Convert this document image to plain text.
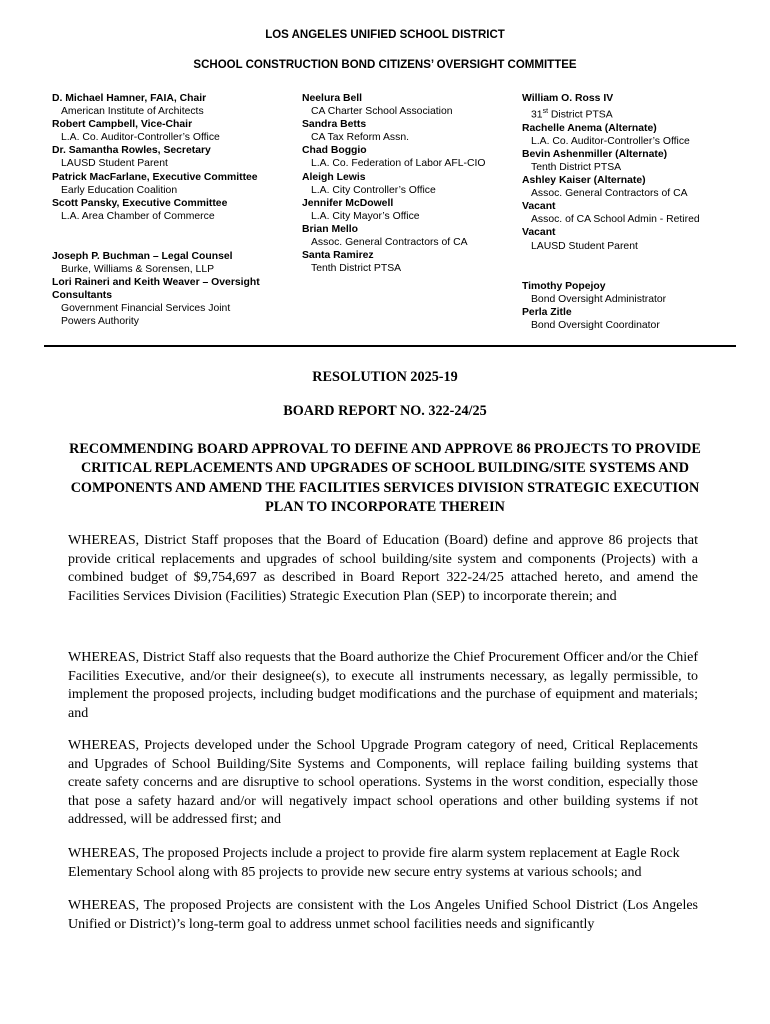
LOS ANGELES UNIFIED SCHOOL DISTRICT
SCHOOL CONSTRUCTION BOND CITIZENS’ OVERSIGHT COMMITTEE
D. Michael Hamner, FAIA, Chair
American Institute of Architects
Robert Campbell, Vice-Chair
L.A. Co. Auditor-Controller’s Office
Dr. Samantha Rowles, Secretary
LAUSD Student Parent
Patrick MacFarlane, Executive Committee
Early Education Coalition
Scott Pansky, Executive Committee
L.A. Area Chamber of Commerce
Joseph P. Buchman – Legal Counsel
Burke, Williams & Sorensen, LLP
Lori Raineri and Keith Weaver – Oversight Consultants
Government Financial Services Joint Powers Authority
Neelura Bell
CA Charter School Association
Sandra Betts
CA Tax Reform Assn.
Chad Boggio
L.A. Co. Federation of Labor AFL-CIO
Aleigh Lewis
L.A. City Controller’s Office
Jennifer McDowell
L.A. City Mayor’s Office
Brian Mello
Assoc. General Contractors of CA
Santa Ramirez
Tenth District PTSA
William O. Ross IV
31st District PTSA
Rachelle Anema (Alternate)
L.A. Co. Auditor-Controller’s Office
Bevin Ashenmiller (Alternate)
Tenth District PTSA
Ashley Kaiser (Alternate)
Assoc. General Contractors of CA
Vacant
Assoc. of CA School Admin - Retired
Vacant
LAUSD Student Parent
Timothy Popejoy
Bond Oversight Administrator
Perla Zitle
Bond Oversight Coordinator
RESOLUTION 2025-19
BOARD REPORT NO. 322-24/25
RECOMMENDING BOARD APPROVAL TO DEFINE AND APPROVE 86 PROJECTS TO PROVIDE CRITICAL REPLACEMENTS AND UPGRADES OF SCHOOL BUILDING/SITE SYSTEMS AND COMPONENTS AND AMEND THE FACILITIES SERVICES DIVISION STRATEGIC EXECUTION PLAN TO INCORPORATE THEREIN
WHEREAS, District Staff proposes that the Board of Education (Board) define and approve 86 projects that provide critical replacements and upgrades of school building/site system and components (Projects) with a combined budget of $9,754,697 as described in Board Report 322-24/25 attached hereto, and amend the Facilities Services Division (Facilities) Strategic Execution Plan (SEP) to incorporate therein; and
WHEREAS, District Staff also requests that the Board authorize the Chief Procurement Officer and/or the Chief Facilities Executive, and/or their designee(s), to execute all instruments necessary, as legally permissible, to implement the proposed projects, including budget modifications and the purchase of equipment and materials; and
WHEREAS, Projects developed under the School Upgrade Program category of need, Critical Replacements and Upgrades of School Building/Site Systems and Components, will replace failing building systems that create safety concerns and are disruptive to school operations. Systems in the worst condition, especially those that pose a safety hazard and/or will negatively impact school operations and other building systems if not addressed, will be addressed first; and
WHEREAS, The proposed Projects include a project to provide fire alarm system replacement at Eagle Rock Elementary School along with 85 projects to provide new secure entry systems at various schools; and
WHEREAS, The proposed Projects are consistent with the Los Angeles Unified School District (Los Angeles Unified or District)’s long-term goal to address unmet school facilities needs and significantly
